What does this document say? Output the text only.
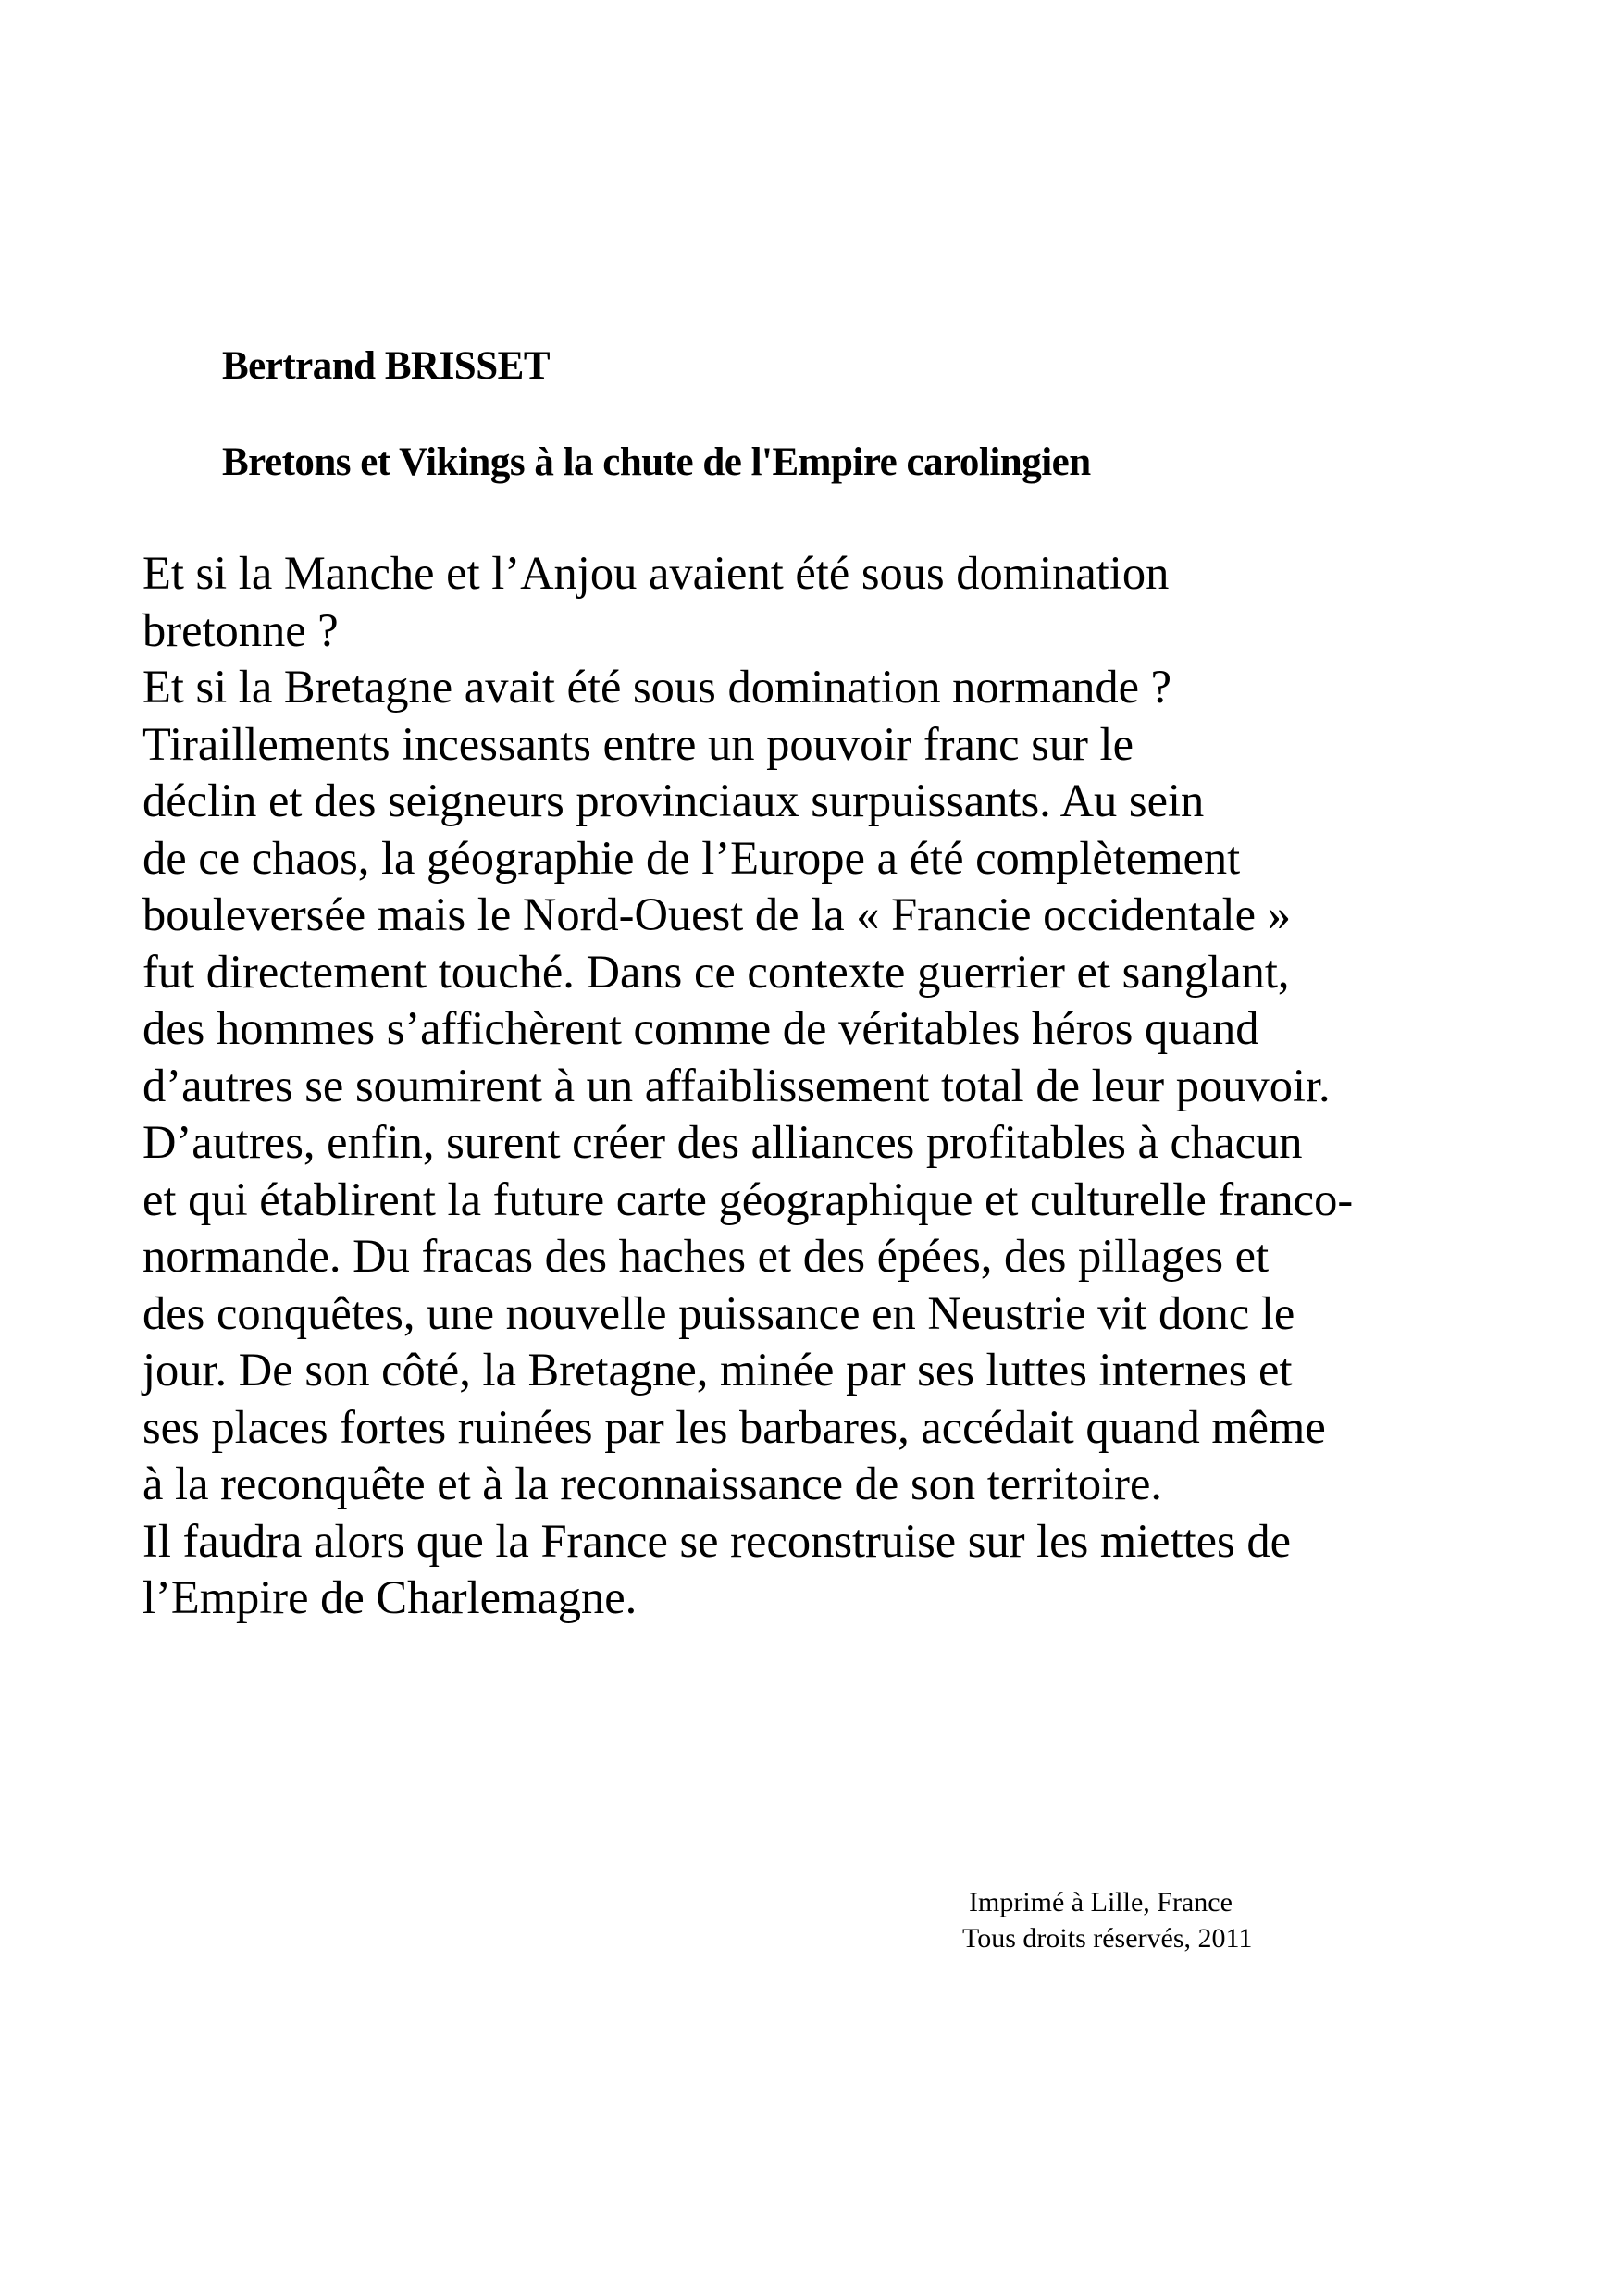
Bertrand BRISSET
Bretons et Vikings à la chute de l'Empire carolingien
Et si la Manche et l’Anjou avaient été sous domination
bretonne ?
Et si la Bretagne avait été sous domination normande ?
Tiraillements incessants entre un pouvoir franc sur le
déclin et des seigneurs provinciaux surpuissants. Au sein
de ce chaos, la géographie de l’Europe a été complètement
bouleversée mais le Nord-Ouest de la « Francie occidentale »
fut directement touché. Dans ce contexte guerrier et sanglant,
des hommes s’affichèrent comme de véritables héros quand
d’autres se soumirent à un affaiblissement total de leur pouvoir.
D’autres, enfin, surent créer des alliances profitables à chacun
et qui établirent la future carte géographique et culturelle franco-
normande. Du fracas des haches et des épées, des pillages et
des conquêtes, une nouvelle puissance en Neustrie vit donc le
jour. De son côté, la Bretagne, minée par ses luttes internes et
ses places fortes ruinées par les barbares, accédait quand même
à la reconquête et à la reconnaissance de son territoire.
Il faudra alors que la France se reconstruise sur les miettes de
l’Empire de Charlemagne.
Imprimé à Lille, France
Tous droits réservés, 2011
